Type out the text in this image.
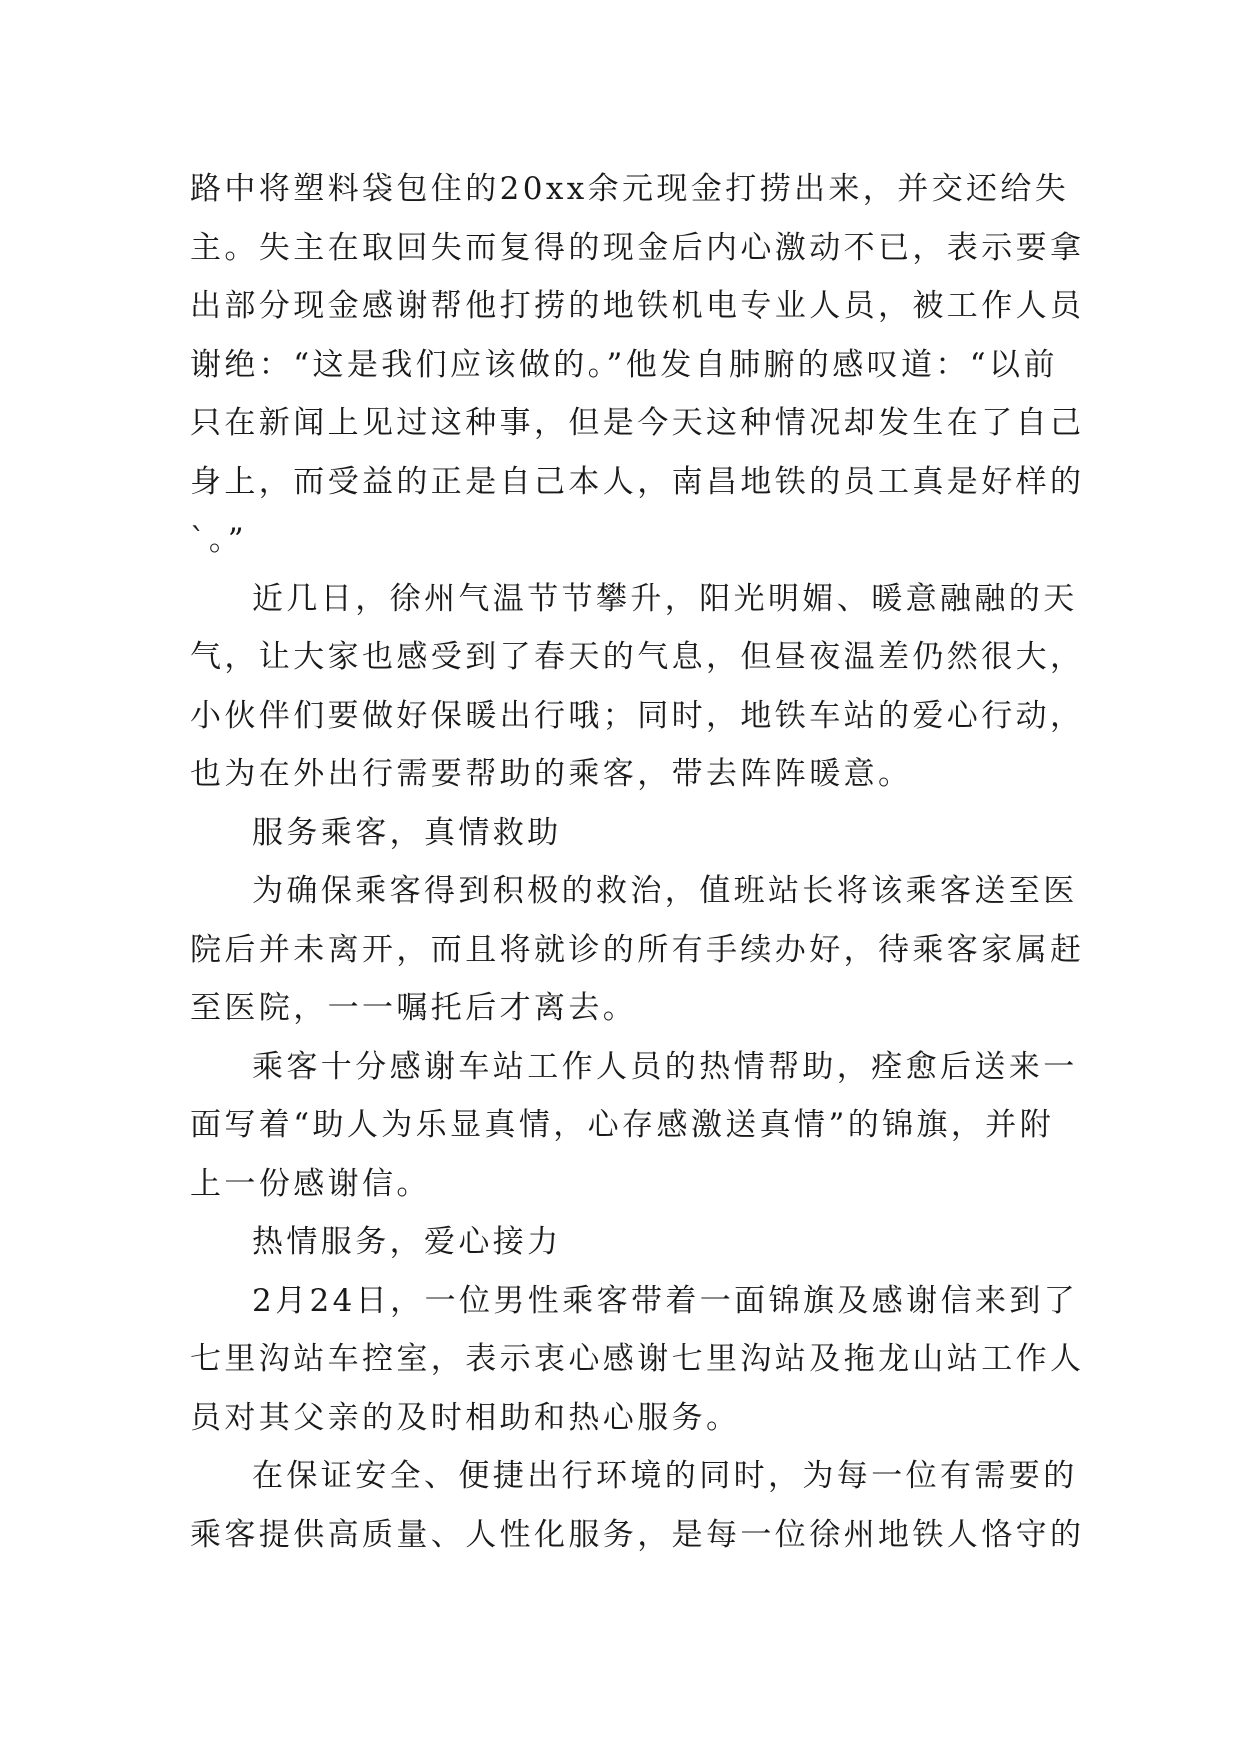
路中将塑料袋包住的20xx余元现金打捞出来，并交还给失
主。失主在取回失而复得的现金后内心激动不已，表示要拿
出部分现金感谢帮他打捞的地铁机电专业人员，被工作人员
谢绝：“这是我们应该做的。”他发自肺腑的感叹道：“以前
只在新闻上见过这种事，但是今天这种情况却发生在了自己
身上，而受益的正是自己本人，南昌地铁的员工真是好样的
`。”
近几日，徐州气温节节攀升，阳光明媚、暖意融融的天
气，让大家也感受到了春天的气息，但昼夜温差仍然很大，
小伙伴们要做好保暖出行哦；同时，地铁车站的爱心行动，
也为在外出行需要帮助的乘客，带去阵阵暖意。
服务乘客，真情救助
为确保乘客得到积极的救治，值班站长将该乘客送至医
院后并未离开，而且将就诊的所有手续办好，待乘客家属赶
至医院，一一嘱托后才离去。
乘客十分感谢车站工作人员的热情帮助，痊愈后送来一
面写着“助人为乐显真情，心存感激送真情”的锦旗，并附
上一份感谢信。
热情服务，爱心接力
2月24日，一位男性乘客带着一面锦旗及感谢信来到了
七里沟站车控室，表示衷心感谢七里沟站及拖龙山站工作人
员对其父亲的及时相助和热心服务。
在保证安全、便捷出行环境的同时，为每一位有需要的
乘客提供高质量、人性化服务，是每一位徐州地铁人恪守的
